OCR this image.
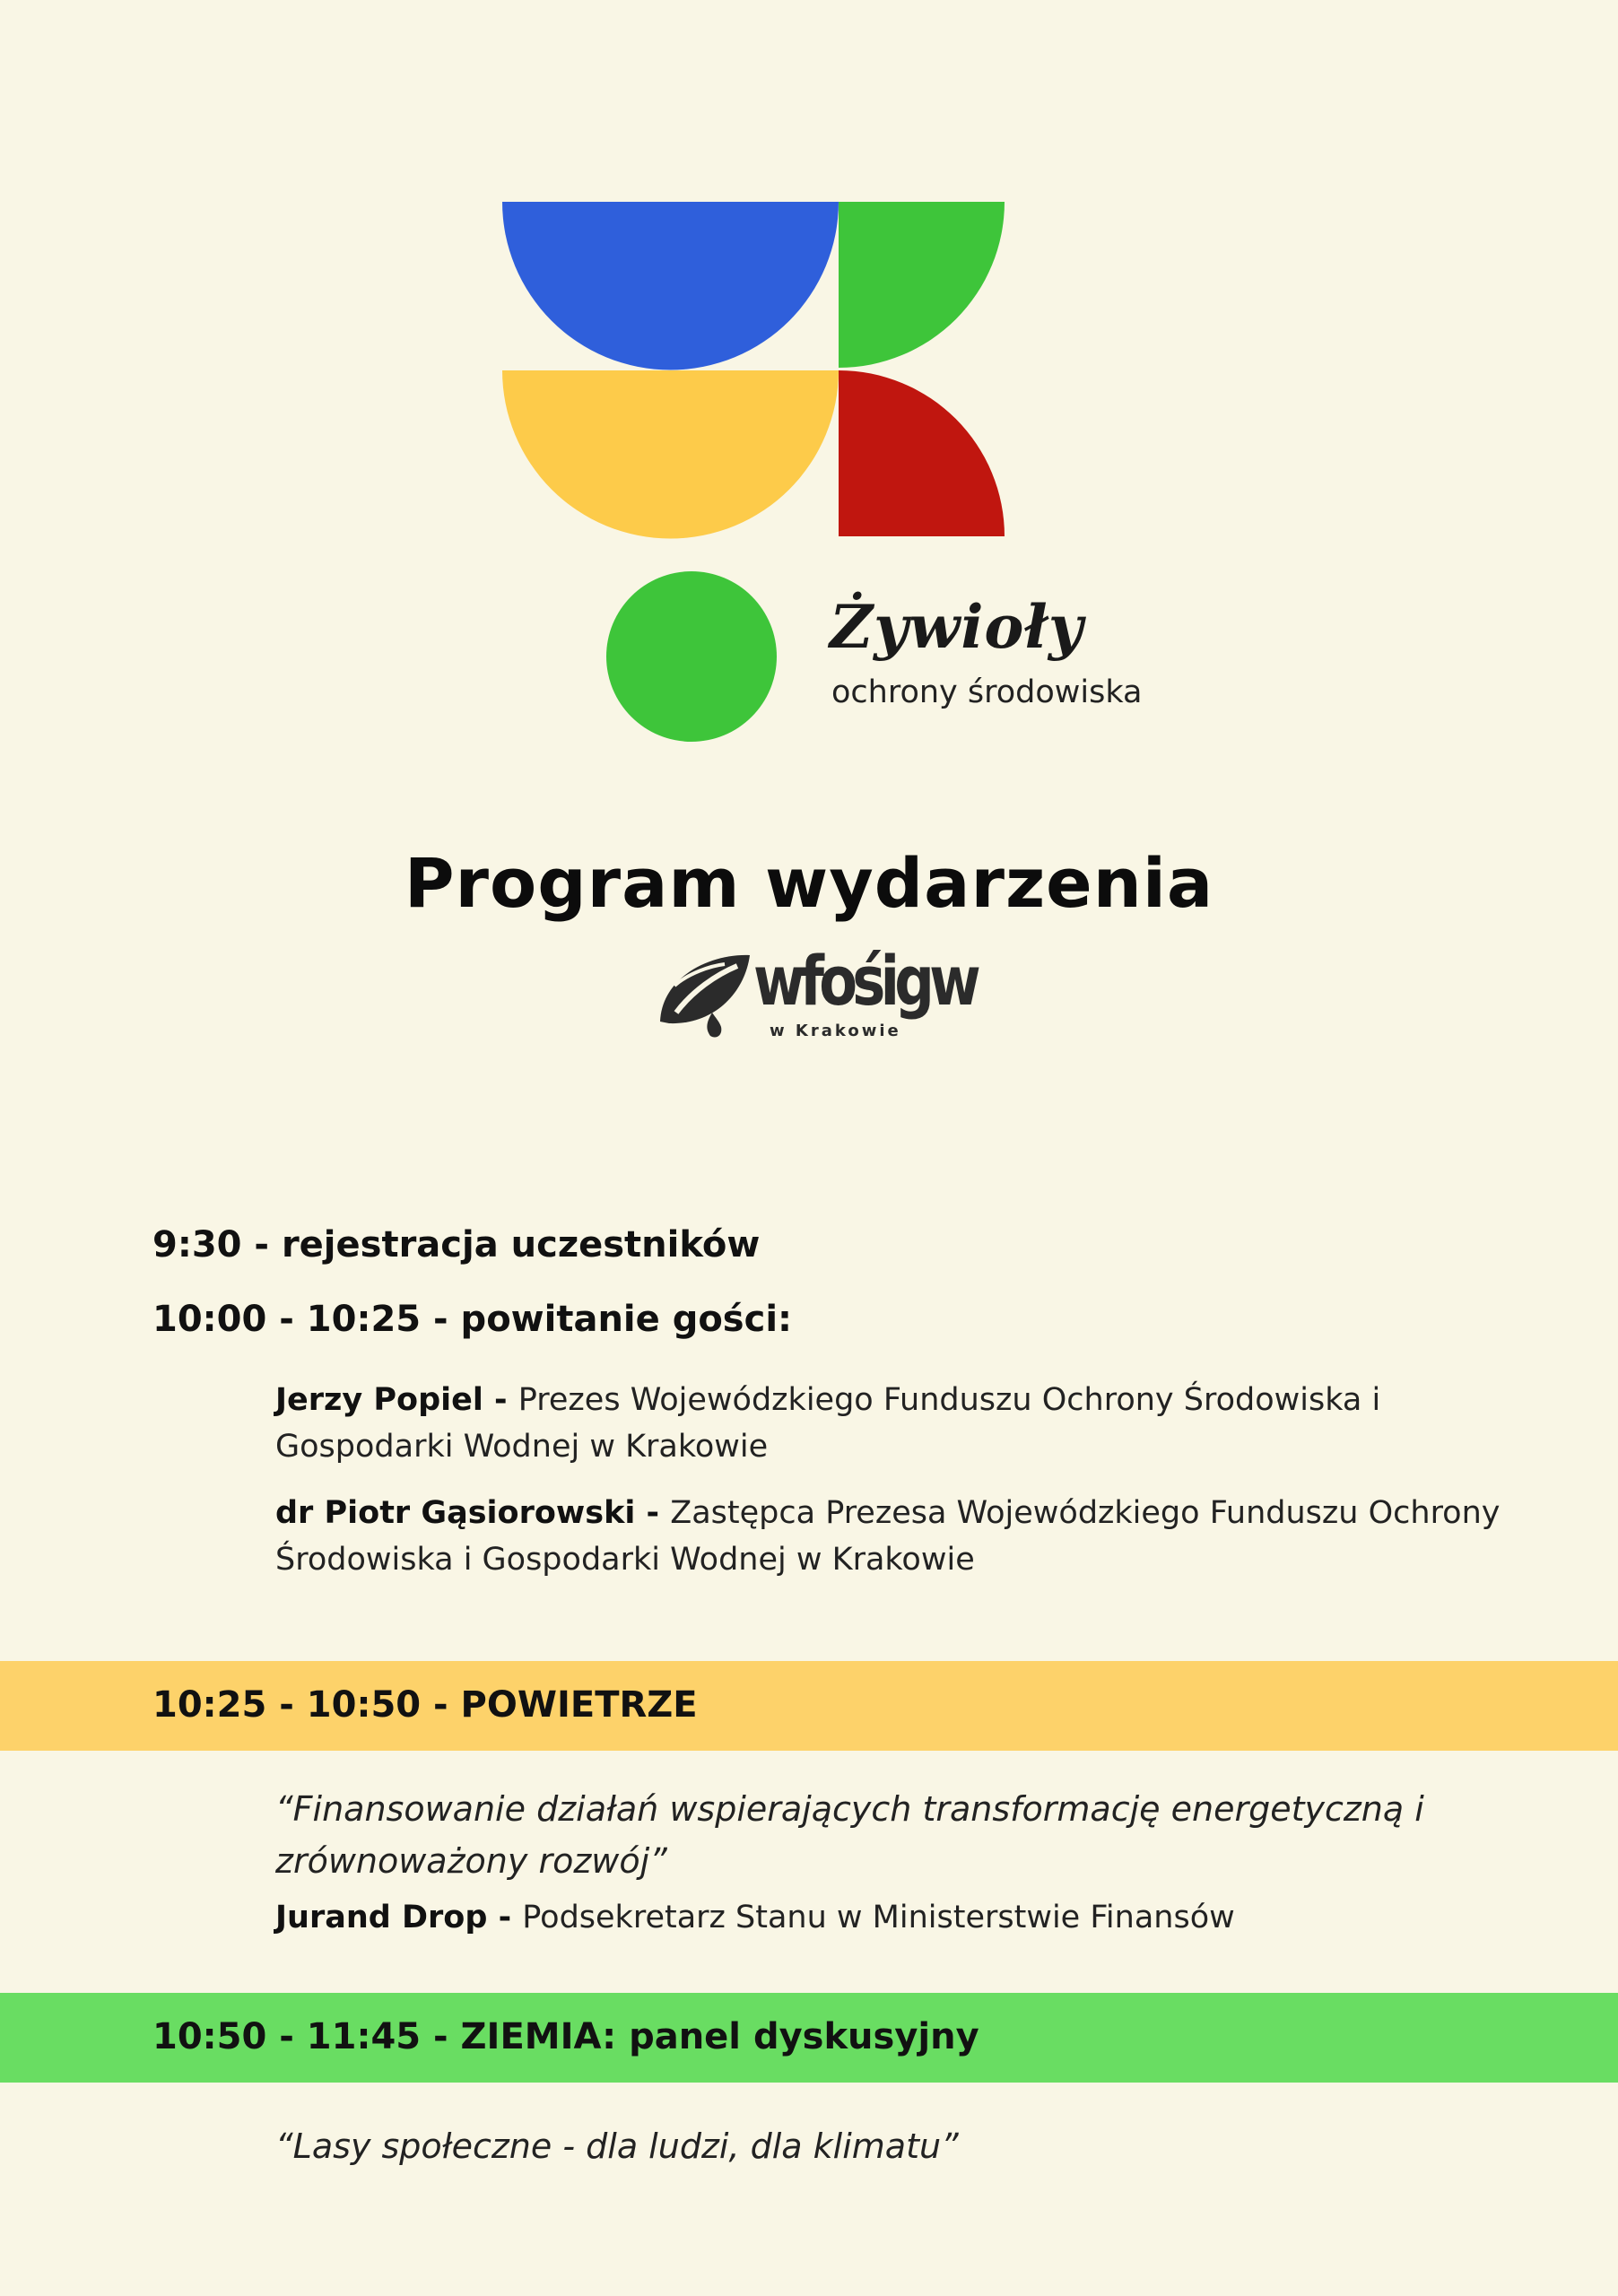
Żywioły
ochrony środowiska
Program wydarzenia
wfośigw
w Krakowie
9:30 - rejestracja uczestników
10:00 - 10:25 - powitanie gości:
Jerzy Popiel - Prezes Wojewódzkiego Funduszu Ochrony Środowiska i Gospodarki Wodnej w Krakowie
dr Piotr Gąsiorowski - Zastępca Prezesa Wojewódzkiego Funduszu Ochrony Środowiska i Gospodarki Wodnej w Krakowie
10:25 - 10:50 - POWIETRZE
“Finansowanie działań wspierających transformację energetyczną i zrównoważony rozwój”
Jurand Drop - Podsekretarz Stanu w Ministerstwie Finansów
10:50 - 11:45 - ZIEMIA: panel dyskusyjny
“Lasy społeczne - dla ludzi, dla klimatu”
